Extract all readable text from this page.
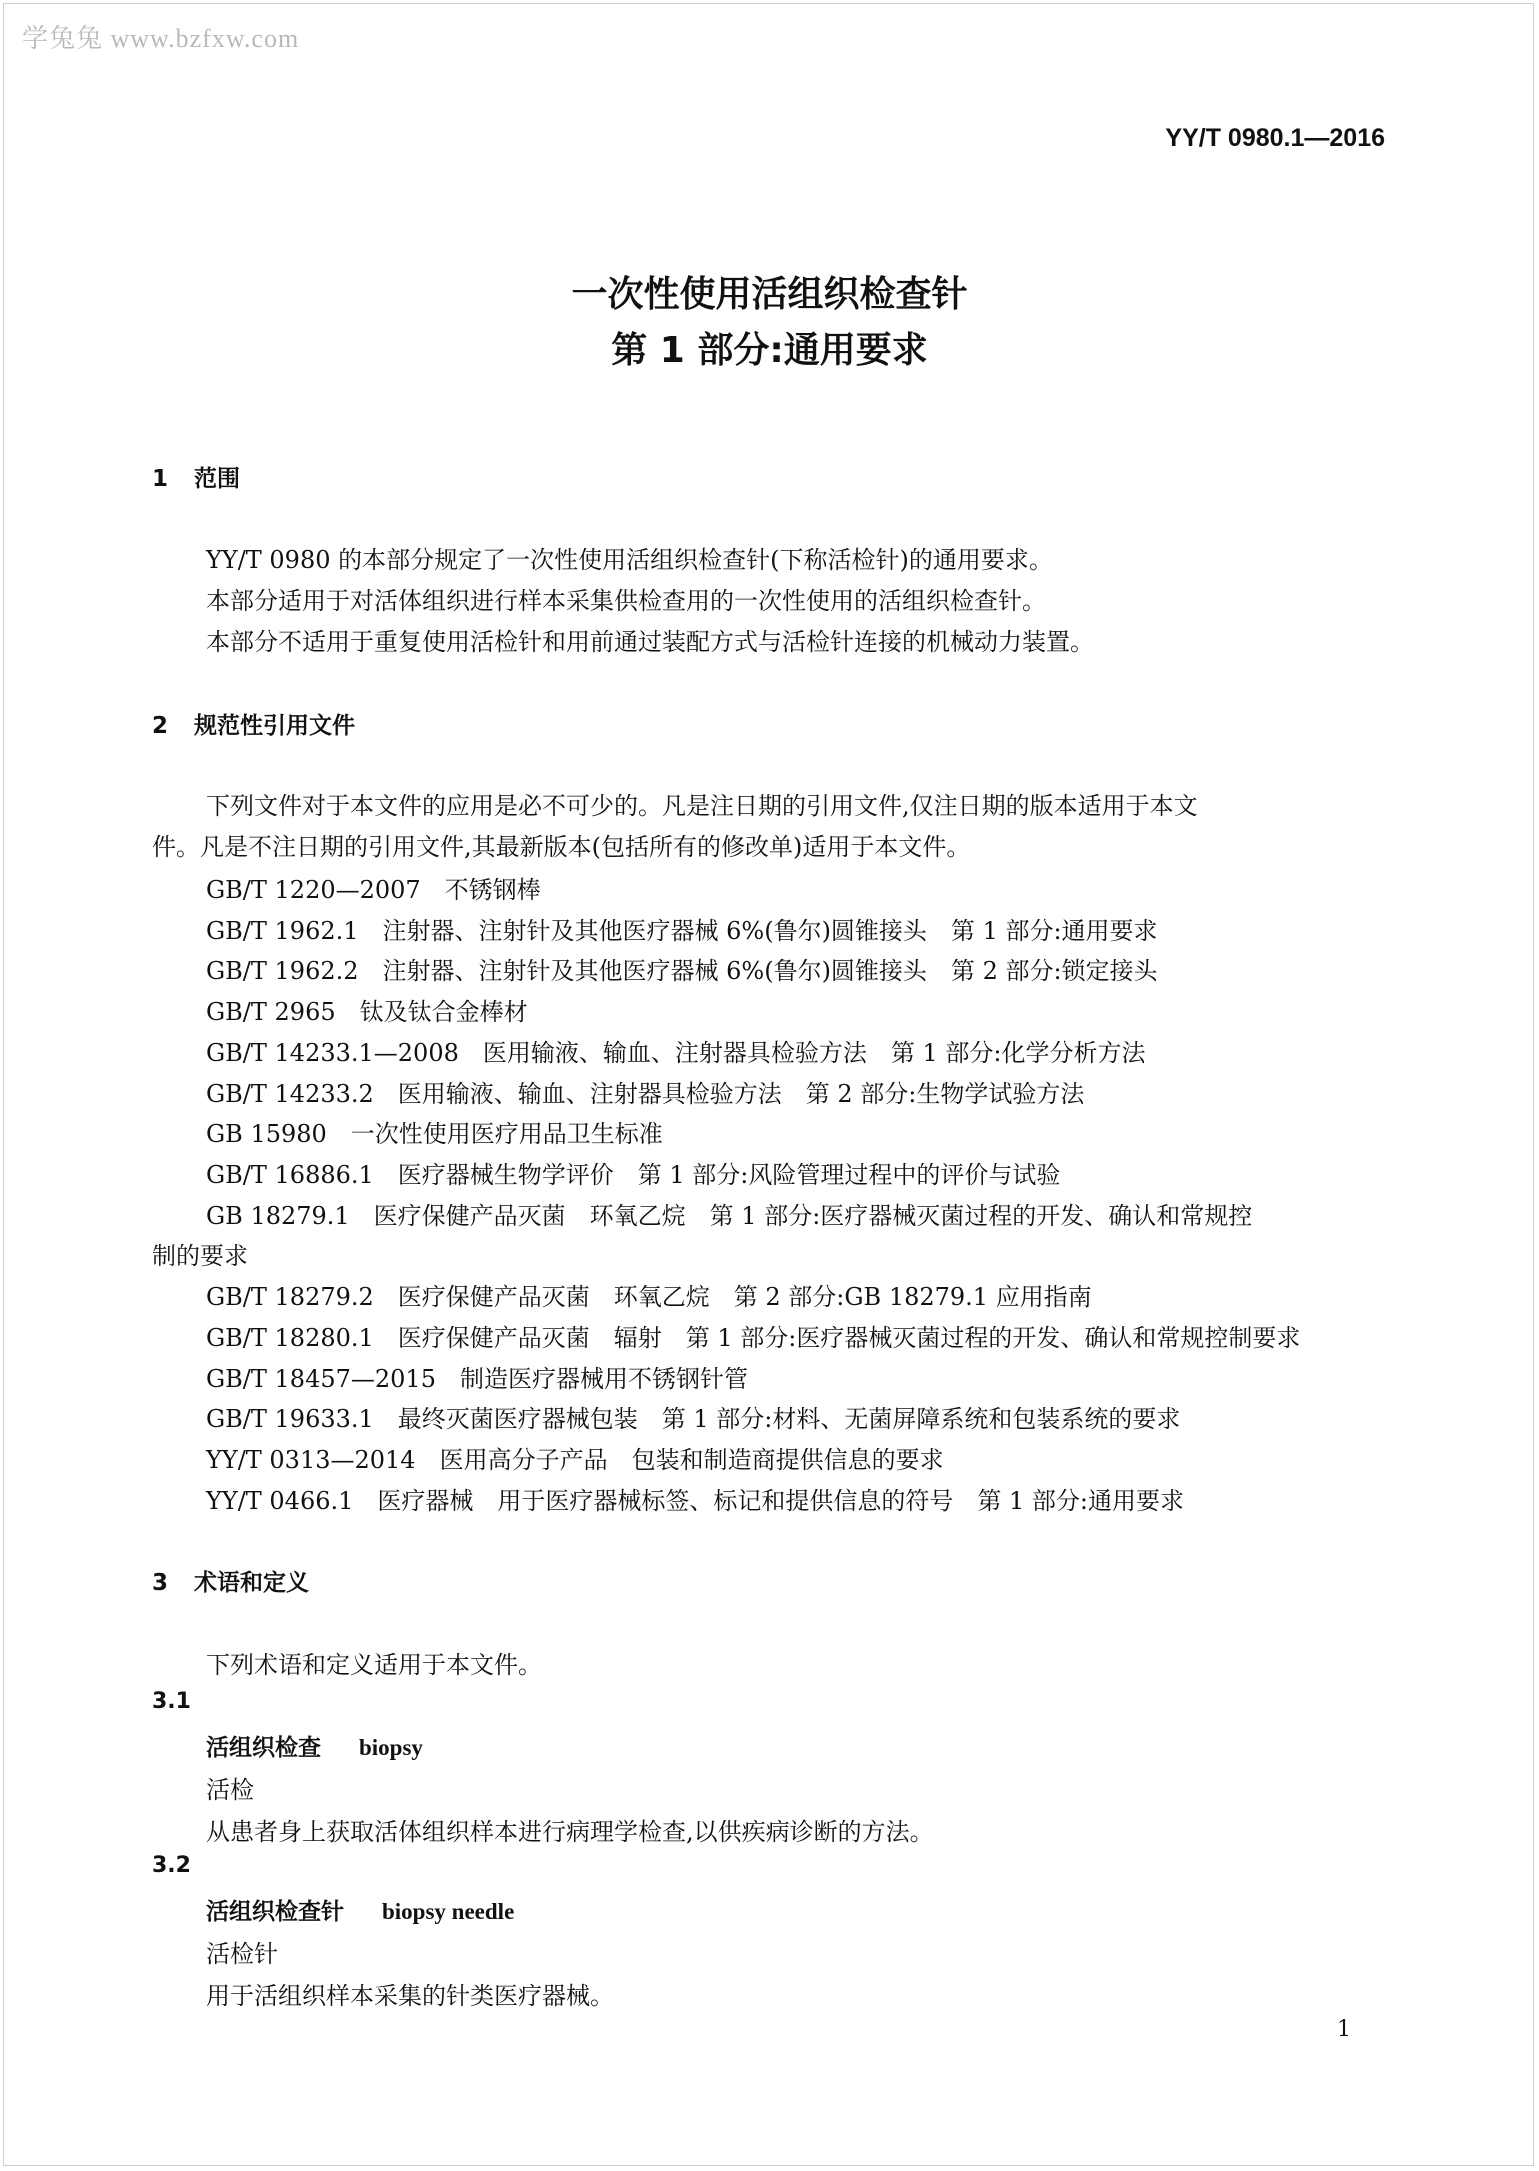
学兔兔 www.bzfxw.com
YY/T 0980.1—2016
一次性使用活组织检查针
第 1 部分:通用要求
1 范围
YY/T 0980 的本部分规定了一次性使用活组织检查针(下称活检针)的通用要求。
本部分适用于对活体组织进行样本采集供检查用的一次性使用的活组织检查针。
本部分不适用于重复使用活检针和用前通过装配方式与活检针连接的机械动力装置。
2 规范性引用文件
下列文件对于本文件的应用是必不可少的。凡是注日期的引用文件,仅注日期的版本适用于本文
件。凡是不注日期的引用文件,其最新版本(包括所有的修改单)适用于本文件。
GB/T 1220—2007　不锈钢棒
GB/T 1962.1　注射器、注射针及其他医疗器械 6%(鲁尔)圆锥接头　第 1 部分:通用要求
GB/T 1962.2　注射器、注射针及其他医疗器械 6%(鲁尔)圆锥接头　第 2 部分:锁定接头
GB/T 2965　钛及钛合金棒材
GB/T 14233.1—2008　医用输液、输血、注射器具检验方法　第 1 部分:化学分析方法
GB/T 14233.2　医用输液、输血、注射器具检验方法　第 2 部分:生物学试验方法
GB 15980　一次性使用医疗用品卫生标准
GB/T 16886.1　医疗器械生物学评价　第 1 部分:风险管理过程中的评价与试验
GB 18279.1　医疗保健产品灭菌　环氧乙烷　第 1 部分:医疗器械灭菌过程的开发、确认和常规控
制的要求
GB/T 18279.2　医疗保健产品灭菌　环氧乙烷　第 2 部分:GB 18279.1 应用指南
GB/T 18280.1　医疗保健产品灭菌　辐射　第 1 部分:医疗器械灭菌过程的开发、确认和常规控制要求
GB/T 18457—2015　制造医疗器械用不锈钢针管
GB/T 19633.1　最终灭菌医疗器械包装　第 1 部分:材料、无菌屏障系统和包装系统的要求
YY/T 0313—2014　医用高分子产品　包装和制造商提供信息的要求
YY/T 0466.1　医疗器械　用于医疗器械标签、标记和提供信息的符号　第 1 部分:通用要求
3 术语和定义
下列术语和定义适用于本文件。
3.1
活组织检查 biopsy
活检
从患者身上获取活体组织样本进行病理学检查,以供疾病诊断的方法。
3.2
活组织检查针 biopsy needle
活检针
用于活组织样本采集的针类医疗器械。
1
